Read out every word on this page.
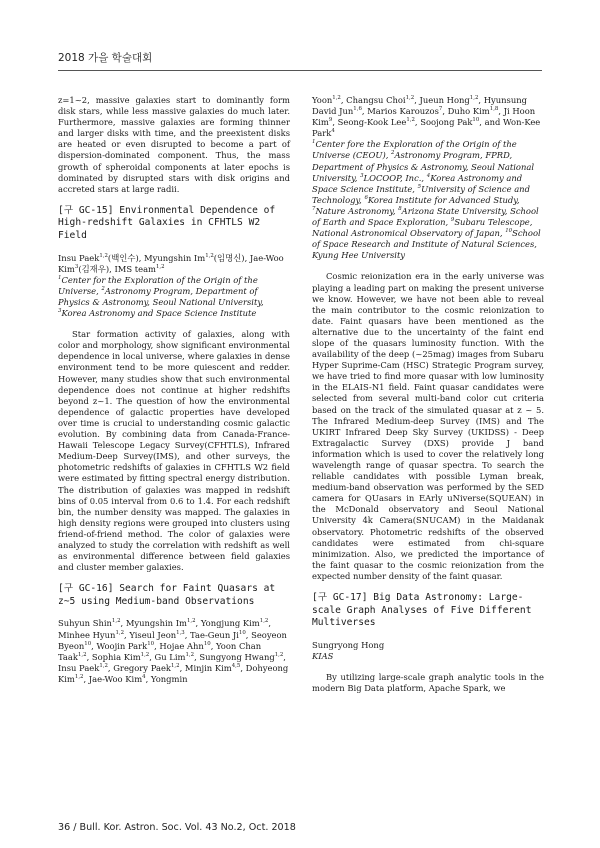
2018 가을 학술대회

z=1~2, massive galaxies start to dominantly form disk stars, while less massive galaxies do much later. Furthermore, massive galaxies are forming thinner and larger disks with time, and the preexistent disks are heated or even disrupted to become a part of dispersion-dominated component. Thus, the mass growth of spheroidal components at later epochs is dominated by disrupted stars with disk origins and accreted stars at large radii.

[구 GC-15] Environmental Dependence of High-redshift Galaxies in CFHTLS W2 Field

Insu Paek$^{1,2}$(백인수), Myungshin Im$^{1,2}$(임명신), Jae-Woo Kim$^3$(김재우), IMS team$^{1,2}$

$^1$Center for the Exploration of the Origin of the Universe, $^2$Astronomy Program, Department of Physics & Astronomy, Seoul National University, $^3$Korea Astronomy and Space Science Institute

Star formation activity of galaxies, along with color and morphology, show significant environmental dependence in local universe, where galaxies in dense environment tend to be more quiescent and redder. However, many studies show that such environmental dependence does not continue at higher redshifts beyond z~1. The question of how the environmental dependence of galactic properties have developed over time is crucial to understanding cosmic galactic evolution. By combining data from Canada-France-Hawaii Telescope Legacy Survey(CFHTLS), Infrared Medium-Deep Survey(IMS), and other surveys, the photometric redshifts of galaxies in CFHTLS W2 field were estimated by fitting spectral energy distribution. The distribution of galaxies was mapped in redshift bins of 0.05 interval from 0.6 to 1.4. For each redshift bin, the number density was mapped. The galaxies in high density regions were grouped into clusters using friend-of-friend method. The color of galaxies were analyzed to study the correlation with redshift as well as environmental difference between field galaxies and cluster member galaxies.

[구 GC-16] Search for Faint Quasars at z~5 using Medium-band Observations

Suhyun Shin$^{1,2}$, Myungshin Im$^{1,2}$, Yongjung Kim$^{1,2}$, Minhee Hyun$^{1,2}$, Yiseul Jeon$^{1,3}$, Tae-Geun Ji$^{10}$, Seoyeon Byeon$^{10}$, Woojin Park$^{10}$, Hojae Ahn$^{10}$, Yoon Chan Taak$^{1,2}$, Sophia Kim$^{1,2}$, Gu Lim$^{1,2}$, Sungyong Hwang$^{1,2}$, Insu Paek$^{1,2}$, Gregory Paek$^{1,2}$, Minjin Kim$^{4,5}$, Dohyeong Kim$^{1,2}$, Jae-Woo Kim$^4$, Yongmin

Yoon$^{1,2}$, Changsu Choi$^{1,2}$, Jueun Hong$^{1,2}$, Hyunsung David Jun$^{1,6}$, Marios Karouzos$^7$, Duho Kim$^{1,8}$, Ji Hoon Kim$^9$, Seong-Kook Lee$^{1,2}$, Soojong Pak$^{10}$, and Won-Kee Park$^4$

$^1$Center fore the Exploration of the Origin of the Universe (CEOU), $^2$Astronomy Program, FPRD, Department of Physics & Astronomy, Seoul National University, $^3$LOCOOP, Inc., $^4$Korea Astronomy and Space Science Institute, $^5$University of Science and Technology, $^6$Korea Institute for Advanced Study, $^7$Nature Astronomy, $^8$Arizona State University, School of Earth and Space Exploration, $^9$Subaru Telescope, National Astronomical Observatory of Japan, $^{10}$School of Space Research and Institute of Natural Sciences, Kyung Hee University

Cosmic reionization era in the early universe was playing a leading part on making the present universe we know. However, we have not been able to reveal the main contributor to the cosmic reionization to date. Faint quasars have been mentioned as the alternative due to the uncertainty of the faint end slope of the quasars luminosity function. With the availability of the deep (~25mag) images from Subaru Hyper Suprime-Cam (HSC) Strategic Program survey, we have tried to find more quasar with low luminosity in the ELAIS-N1 field. Faint quasar candidates were selected from several multi-band color cut criteria based on the track of the simulated quasar at z ~ 5. The Infrared Medium-deep Survey (IMS) and The UKIRT Infrared Deep Sky Survey (UKIDSS) - Deep Extragalactic Survey (DXS) provide J band information which is used to cover the relatively long wavelength range of quasar spectra. To search the reliable candidates with possible Lyman break, medium-band observation was performed by the SED camera for QUasars in EArly uNiverse(SQUEAN) in the McDonald observatory and Seoul National University 4k Camera(SNUCAM) in the Maidanak observatory. Photometric redshifts of the observed candidates were estimated from chi-square minimization. Also, we predicted the importance of the faint quasar to the cosmic reionization from the expected number density of the faint quasar.

[구 GC-17] Big Data Astronomy: Large-scale Graph Analyses of Five Different Multiverses

Sungryong Hong

KIAS

By utilizing large-scale graph analytic tools in the modern Big Data platform, Apache Spark, we

36 / Bull. Kor. Astron. Soc. Vol. 43 No.2, Oct. 2018
